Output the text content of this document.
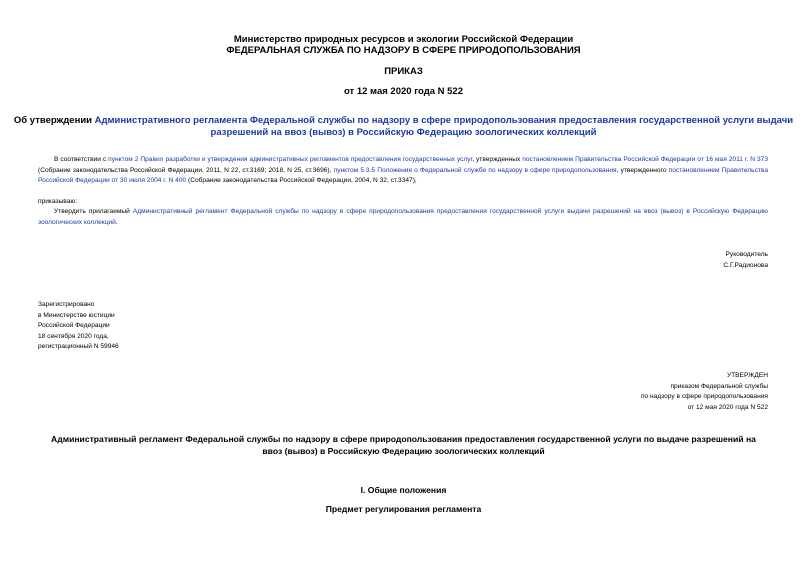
Министерство природных ресурсов и экологии Российской Федерации
ФЕДЕРАЛЬНАЯ СЛУЖБА ПО НАДЗОРУ В СФЕРЕ ПРИРОДОПОЛЬЗОВАНИЯ
ПРИКАЗ
от 12 мая 2020 года N 522
Об утверждении Административного регламента Федеральной службы по надзору в сфере природопользования предоставления государственной услуги выдачи
разрешений на ввоз (вывоз) в Российскую Федерацию зоологических коллекций
В соответствии с пунктом 2 Правил разработки и утверждения административных регламентов предоставления государственных услуг, утвержденных постановлением Правительства Российской Федерации от 16 мая 2011 г. N 373 (Собрание законодательства Российской Федерации, 2011, N 22, ст.3169; 2018, N 25, ст.3696), пунктом 5.3.5 Положения о Федеральной службе по надзору в сфере природопользования, утвержденного постановлением Правительства Российской Федерации от 30 июля 2004 г. N 400 (Собрание законодательства Российской Федерации, 2004, N 32, ст.3347),
приказываю:
Утвердить прилагаемый Административный регламент Федеральной службы по надзору в сфере природопользования предоставления государственной услуги выдачи разрешений на ввоз (вывоз) в Российскую Федерацию зоологических коллекций.
Руководитель
С.Г.Радионова
Зарегистрировано
в Министерстве юстиции
Российской Федерации
18 сентября 2020 года,
регистрационный N 59946
УТВЕРЖДЕН
приказом Федеральной службы
по надзору в сфере природопользования
от 12 мая 2020 года N 522
Административный регламент Федеральной службы по надзору в сфере природопользования предоставления государственной услуги по выдаче разрешений на
ввоз (вывоз) в Российскую Федерацию зоологических коллекций
I. Общие положения
Предмет регулирования регламента
